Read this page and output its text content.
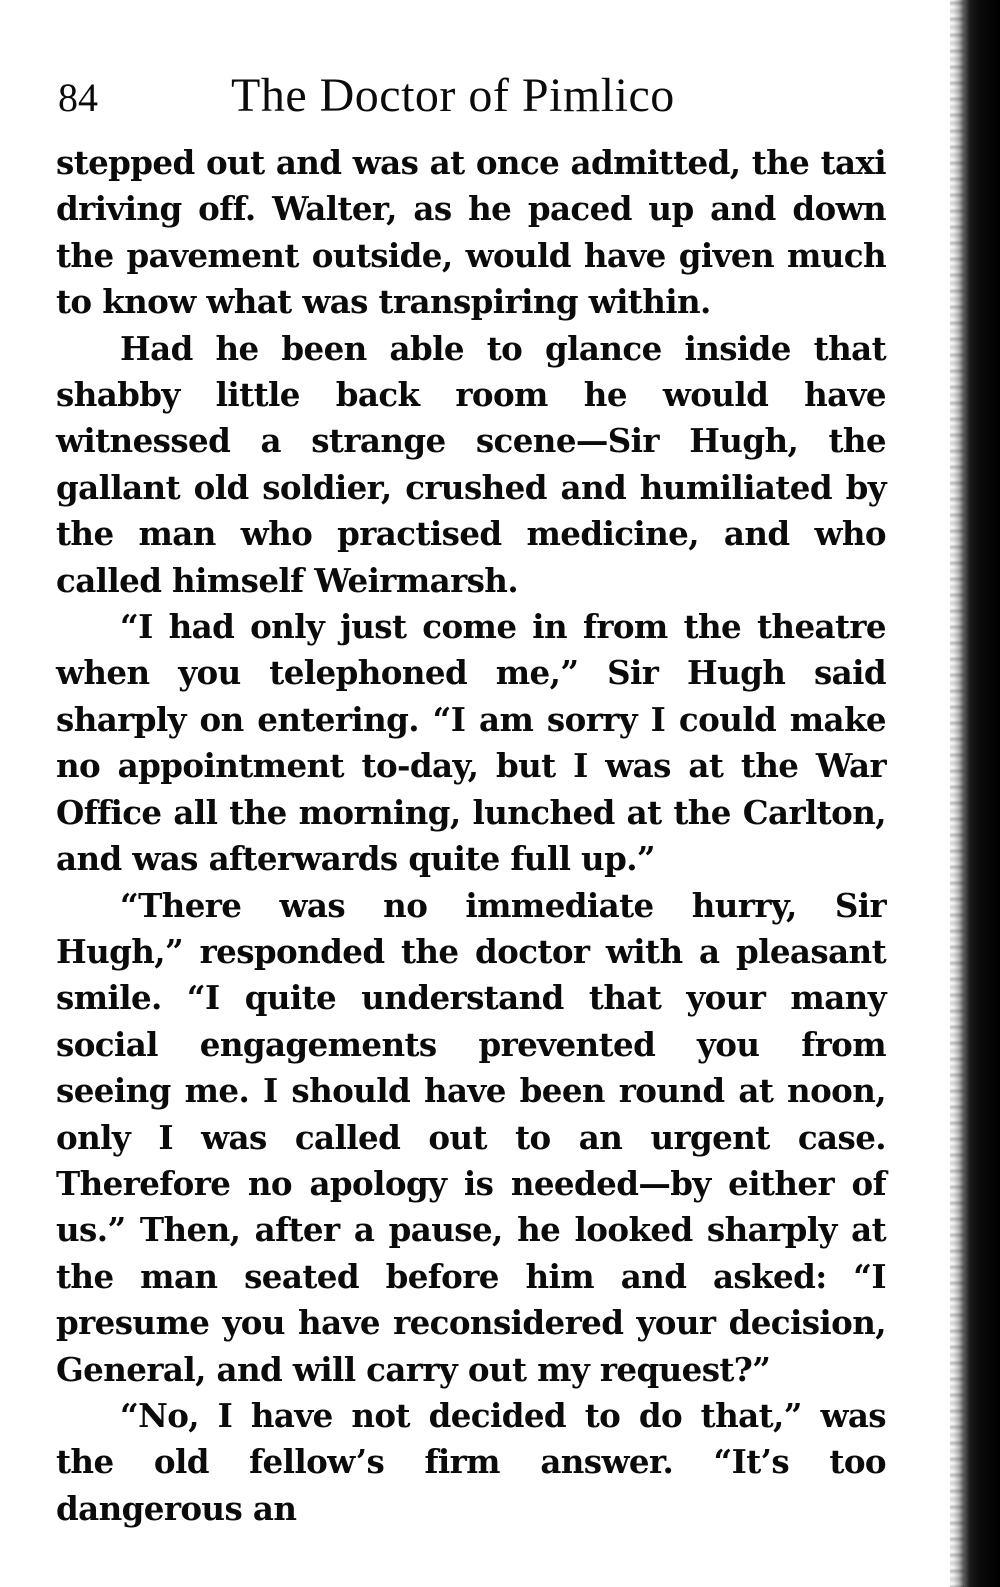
84	The Doctor of Pimlico

stepped out and was at once admitted, the taxi driving off. Walter, as he paced up and down the pavement outside, would have given much to know what was transpiring within.

Had he been able to glance inside that shabby little back room he would have witnessed a strange scene—Sir Hugh, the gallant old soldier, crushed and humiliated by the man who practised medicine, and who called himself Weirmarsh.

“I had only just come in from the theatre when you telephoned me,” Sir Hugh said sharply on entering. “I am sorry I could make no appointment to-day, but I was at the War Office all the morning, lunched at the Carlton, and was afterwards quite full up.”

“There was no immediate hurry, Sir Hugh,” responded the doctor with a pleasant smile. “I quite understand that your many social engagements prevented you from seeing me. I should have been round at noon, only I was called out to an urgent case. Therefore no apology is needed—by either of us.” Then, after a pause, he looked sharply at the man seated before him and asked: “I presume you have reconsidered your decision, General, and will carry out my request?”

“No, I have not decided to do that,” was the old fellow’s firm answer. “It’s too dangerous an
